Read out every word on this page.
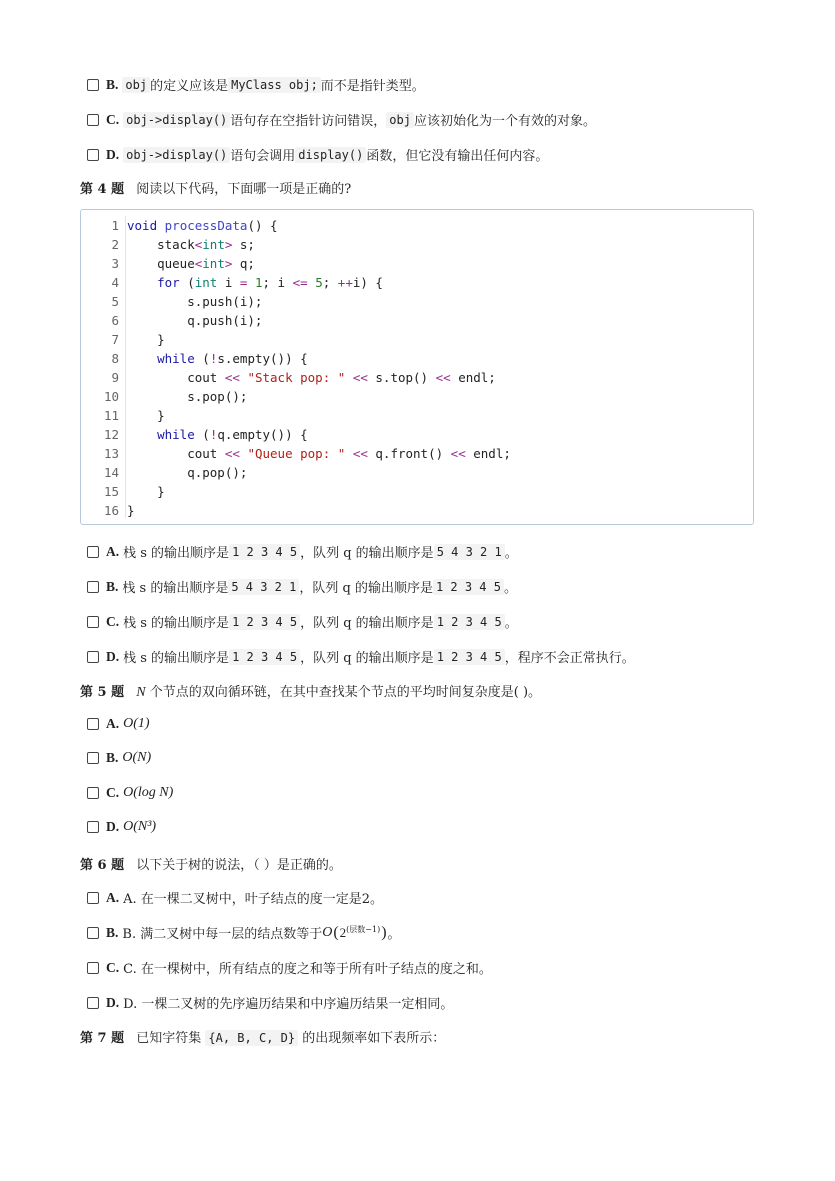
B. obj 的定义应该是 MyClass obj; 而不是指针类型。
C. obj->display() 语句存在空指针访问错误， obj 应该初始化为一个有效的对象。
D. obj->display() 语句会调用 display() 函数，但它没有输出任何内容。
第 4 题 阅读以下代码，下面哪一项是正确的?
1
2
3
4
5
6
7
8
9
10
11
12
13
14
15
16
void processData() {
stack<int> s;
queue<int> q;
for (int i = 1; i <= 5; ++i) {
s.push(i);
q.push(i);
}
while (!s.empty()) {
cout << "Stack pop: " << s.top() << endl;
s.pop();
}
while (!q.empty()) {
cout << "Queue pop: " << q.front() << endl;
q.pop();
}
}
A. 栈 s 的输出顺序是 1 2 3 4 5 ，队列 q 的输出顺序是 5 4 3 2 1 。
B. 栈 s 的输出顺序是 5 4 3 2 1 ，队列 q 的输出顺序是 1 2 3 4 5 。
C. 栈 s 的输出顺序是 1 2 3 4 5 ，队列 q 的输出顺序是 1 2 3 4 5 。
D. 栈 s 的输出顺序是 1 2 3 4 5 ，队列 q 的输出顺序是 1 2 3 4 5 ，程序不会正常执行。
第 5 题 N 个节点的双向循环链，在其中查找某个节点的平均时间复杂度是( )。
A. O(1)
B. O(N)
C. O(log N)
D. O(N³)
第 6 题 以下关于树的说法，（ ）是正确的。
A. A. 在一棵二叉树中，叶子结点的度一定是2。
B. B. 满二叉树中每一层的结点数等于 O ( $2^{(层数-1)}$ ) 。
C. C. 在一棵树中，所有结点的度之和等于所有叶子结点的度之和。
D. D. 一棵二叉树的先序遍历结果和中序遍历结果一定相同。
第 7 题 已知字符集 {A, B, C, D} 的出现频率如下表所示：
